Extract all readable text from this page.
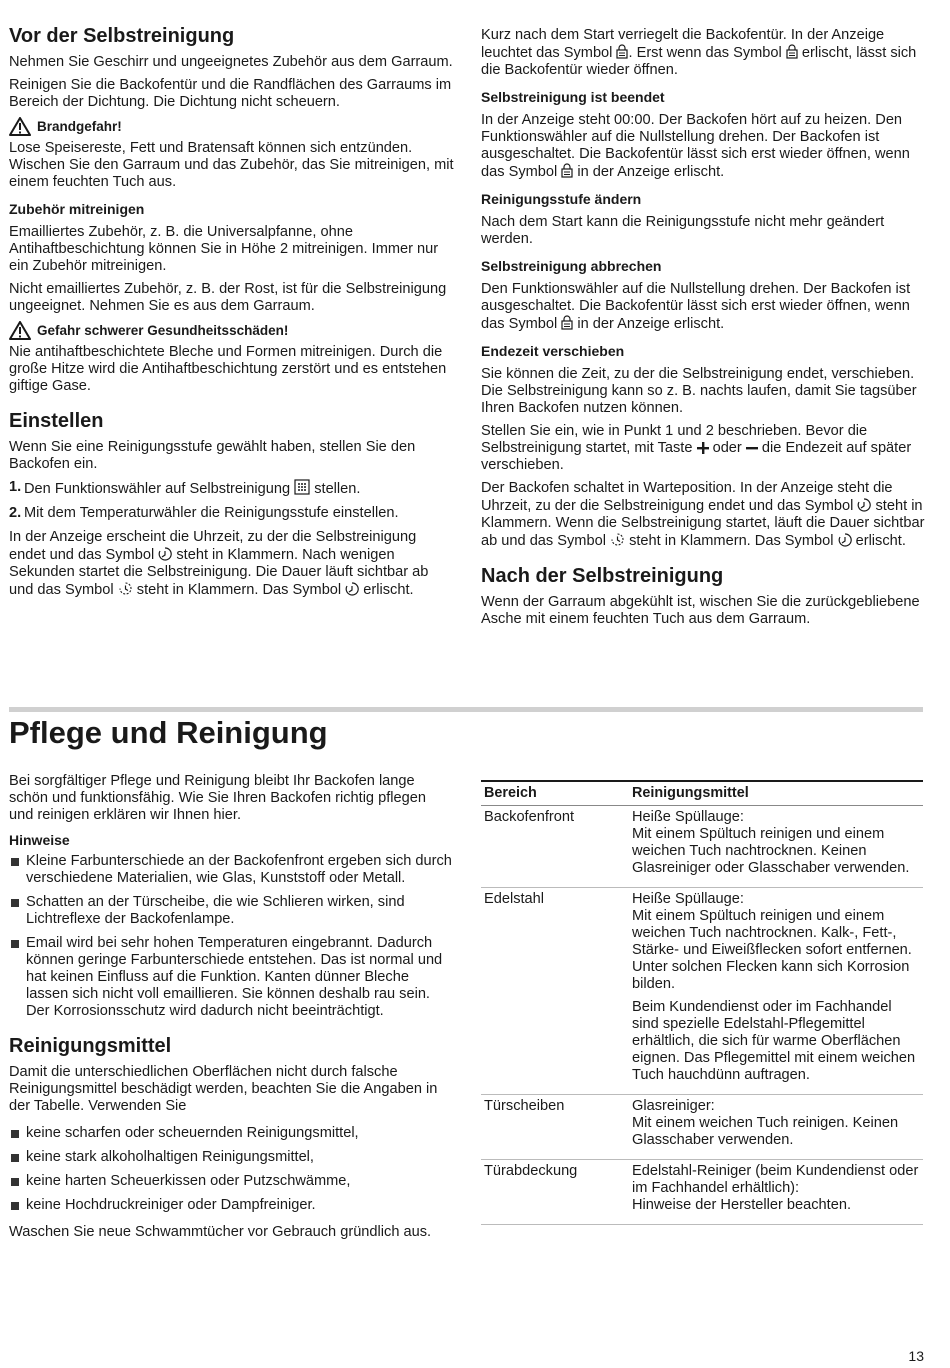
Vor der Selbstreinigung

Nehmen Sie Geschirr und ungeeignetes Zubehör aus dem Garraum.

Reinigen Sie die Backofentür und die Randflächen des Garraums im Bereich der Dichtung. Die Dichtung nicht scheuern.

Brandgefahr!

Lose Speisereste, Fett und Bratensaft können sich entzünden. Wischen Sie den Garraum und das Zubehör, das Sie mitreinigen, mit einem feuchten Tuch aus.

Zubehör mitreinigen

Emailliertes Zubehör, z. B. die Universalpfanne, ohne Antihaftbeschichtung können Sie in Höhe 2 mitreinigen. Immer nur ein Zubehör mitreinigen.

Nicht emailliertes Zubehör, z. B. der Rost, ist für die Selbstreinigung ungeeignet. Nehmen Sie es aus dem Garraum.

Gefahr schwerer Gesundheitsschäden!

Nie antihaftbeschichtete Bleche und Formen mitreinigen. Durch die große Hitze wird die Antihaftbeschichtung zerstört und es entstehen giftige Gase.

Einstellen

Wenn Sie eine Reinigungsstufe gewählt haben, stellen Sie den Backofen ein.

1. Den Funktionswähler auf Selbstreinigung stellen.
2. Mit dem Temperaturwähler die Reinigungsstufe einstellen.

In der Anzeige erscheint die Uhrzeit, zu der die Selbstreinigung endet und das Symbol steht in Klammern. Nach wenigen Sekunden startet die Selbstreinigung. Die Dauer läuft sichtbar ab und das Symbol steht in Klammern. Das Symbol erlischt.

Kurz nach dem Start verriegelt die Backofentür. In der Anzeige leuchtet das Symbol . Erst wenn das Symbol erlischt, lässt sich die Backofentür wieder öffnen.

Selbstreinigung ist beendet

In der Anzeige steht 00:00. Der Backofen hört auf zu heizen. Den Funktionswähler auf die Nullstellung drehen. Der Backofen ist ausgeschaltet. Die Backofentür lässt sich erst wieder öffnen, wenn das Symbol in der Anzeige erlischt.

Reinigungsstufe ändern

Nach dem Start kann die Reinigungsstufe nicht mehr geändert werden.

Selbstreinigung abbrechen

Den Funktionswähler auf die Nullstellung drehen. Der Backofen ist ausgeschaltet. Die Backofentür lässt sich erst wieder öffnen, wenn das Symbol in der Anzeige erlischt.

Endezeit verschieben

Sie können die Zeit, zu der die Selbstreinigung endet, verschieben. Die Selbstreinigung kann so z. B. nachts laufen, damit Sie tagsüber Ihren Backofen nutzen können.

Stellen Sie ein, wie in Punkt 1 und 2 beschrieben. Bevor die Selbstreinigung startet, mit Taste oder die Endezeit auf später verschieben.

Der Backofen schaltet in Warteposition. In der Anzeige steht die Uhrzeit, zu der die Selbstreinigung endet und das Symbol steht in Klammern. Wenn die Selbstreinigung startet, läuft die Dauer sichtbar ab und das Symbol steht in Klammern. Das Symbol erlischt.

Nach der Selbstreinigung

Wenn der Garraum abgekühlt ist, wischen Sie die zurückgebliebene Asche mit einem feuchten Tuch aus dem Garraum.

Pflege und Reinigung

Bei sorgfältiger Pflege und Reinigung bleibt Ihr Backofen lange schön und funktionsfähig. Wie Sie Ihren Backofen richtig pflegen und reinigen erklären wir Ihnen hier.

Hinweise
Kleine Farbunterschiede an der Backofenfront ergeben sich durch verschiedene Materialien, wie Glas, Kunststoff oder Metall.
Schatten an der Türscheibe, die wie Schlieren wirken, sind Lichtreflexe der Backofenlampe.
Email wird bei sehr hohen Temperaturen eingebrannt. Dadurch können geringe Farbunterschiede entstehen. Das ist normal und hat keinen Einfluss auf die Funktion. Kanten dünner Bleche lassen sich nicht voll emaillieren. Sie können deshalb rau sein. Der Korrosionsschutz wird dadurch nicht beeinträchtigt.
Reinigungsmittel

Damit die unterschiedlichen Oberflächen nicht durch falsche Reinigungsmittel beschädigt werden, beachten Sie die Angaben in der Tabelle. Verwenden Sie

keine scharfen oder scheuernden Reinigungsmittel,
keine stark alkoholhaltigen Reinigungsmittel,
keine harten Scheuerkissen oder Putzschwämme,
keine Hochdruckreiniger oder Dampfreiniger.

Waschen Sie neue Schwammtücher vor Gebrauch gründlich aus.

Bereich	Reinigungsmittel
Backofenfront	Heiße Spüllauge:
Mit einem Spültuch reinigen und einem weichen Tuch nachtrocknen. Keinen Glasreiniger oder Glasschaber verwenden.

Edelstahl	Heiße Spüllauge:
Mit einem Spültuch reinigen und einem weichen Tuch nachtrocknen. Kalk-, Fett-, Stärke- und Eiweißflecken sofort entfernen. Unter solchen Flecken kann sich Korrosion bilden.

Beim Kundendienst oder im Fachhandel sind spezielle Edelstahl-Pflegemittel erhältlich, die sich für warme Oberflächen eignen. Das Pflegemittel mit einem weichen Tuch hauchdünn auftragen.

Türscheiben	Glasreiniger:
Mit einem weichen Tuch reinigen. Keinen Glasschaber verwenden.

Türabdeckung	Edelstahl-Reiniger (beim Kundendienst oder im Fachhandel erhältlich):
Hinweise der Hersteller beachten.

13
